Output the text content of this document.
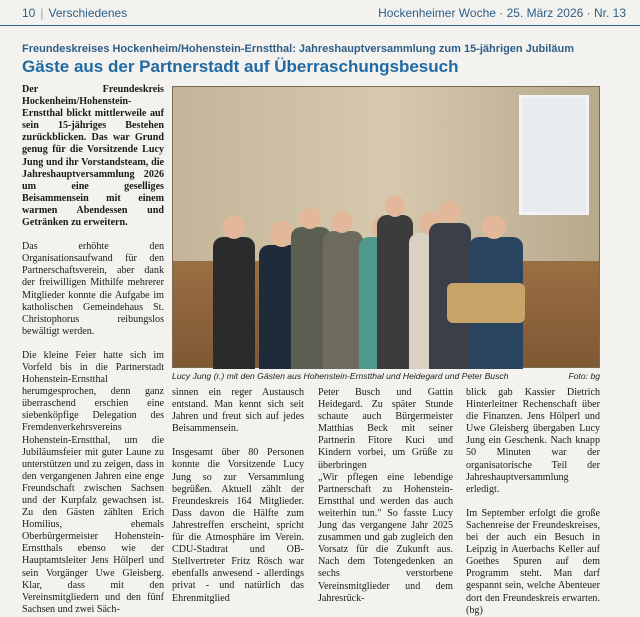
10 | Verschiedenes	Hockenheimer Woche · 25. März 2026 · Nr. 13
Freundeskreises Hockenheim/Hohenstein-Ernstthal: Jahreshauptversammlung zum 15-jährigen Jubiläum
Gäste aus der Partnerstadt auf Überraschungsbesuch

Der Freundeskreis Hockenheim/Hohenstein-Ernstthal blickt mittlerweile auf sein 15-jähriges Bestehen zurückblicken. Das war Grund genug für die Vorsitzende Lucy Jung und ihr Vorstandsteam, die Jahreshauptversammlung 2026 um eine geselliges Beisammensein mit einem warmen Abendessen und Getränken zu erweitern.

Das erhöhte den Organisationsaufwand für den Partnerschaftsverein, aber dank der freiwilligen Mithilfe mehrerer Mitglieder konnte die Aufgabe im katholischen Gemeindehaus St. Christophorus reibungslos bewältigt werden.

Die kleine Feier hatte sich im Vorfeld bis in die Partnerstadt Hohenstein-Ernstthal herumgesprochen, denn ganz überraschend erschien eine siebenköpfige Delegation des Fremdenverkehrsvereins Hohenstein-Ernstthal, um die Jubiläumsfeier mit guter Laune zu unterstützen und zu zeigen, dass in den vergangenen Jahren eine enge Freundschaft zwischen Sachsen und der Kurpfalz gewachsen ist. Zu den Gästen zählten Erich Homilius, ehemals Oberbürgermeister Hohenstein-Ernstthals ebenso wie der Hauptamtsleiter Jens Hölperl und sein Vorgänger Uwe Gleisberg. Klar, dass mit den Vereinsmitgliedern und den fünf Sachsen und zwei Säch-

Lucy Jung (r.) mit den Gästen aus Hohenstein-Ernstthal und Heidegard und Peter Busch	Foto: bg

sinnen ein reger Austausch entstand. Man kennt sich seit Jahren und freut sich auf jedes Beisammensein.

Insgesamt über 80 Personen konnte die Vorsitzende Lucy Jung so zur Versammlung begrüßen. Aktuell zählt der Freundeskreis 164 Mitglieder. Dass davon die Hälfte zum Jahrestreffen erscheint, spricht für die Atmosphäre im Verein. CDU-Stadtrat und OB-Stellvertreter Fritz Rösch war ebenfalls anwesend - allerdings privat - und natürlich das Ehrenmitglied

Peter Busch und Gattin Heidegard. Zu später Stunde schaute auch Bürgermeister Matthias Beck mit seiner Partnerin Fitore Kuci und Kindern vorbei, um Grüße zu überbringen

„Wir pflegen eine lebendige Partnerschaft zu Hohenstein-Ernstthal und werden das auch weiterhin tun." So fasste Lucy Jung das vergangene Jahr 2025 zusammen und gab zugleich den Vorsatz für die Zukunft aus. Nach dem Totengedenken an sechs verstorbene Vereinsmitglieder und dem Jahresrück-

blick gab Kassier Dietrich Hinterleitner Rechenschaft über die Finanzen. Jens Hölperl und Uwe Gleisberg übergaben Lucy Jung ein Geschenk. Nach knapp 50 Minuten war der organisatorische Teil der Jahreshauptversammlung erledigt.

Im September erfolgt die große Sachenreise der Freundeskreises, bei der auch ein Besuch in Leipzig in Auerbachs Keller auf Goethes Spuren auf dem Programm steht. Man darf gespannt sein, welche Abenteuer dort den Freundeskreis erwarten. (bg)
